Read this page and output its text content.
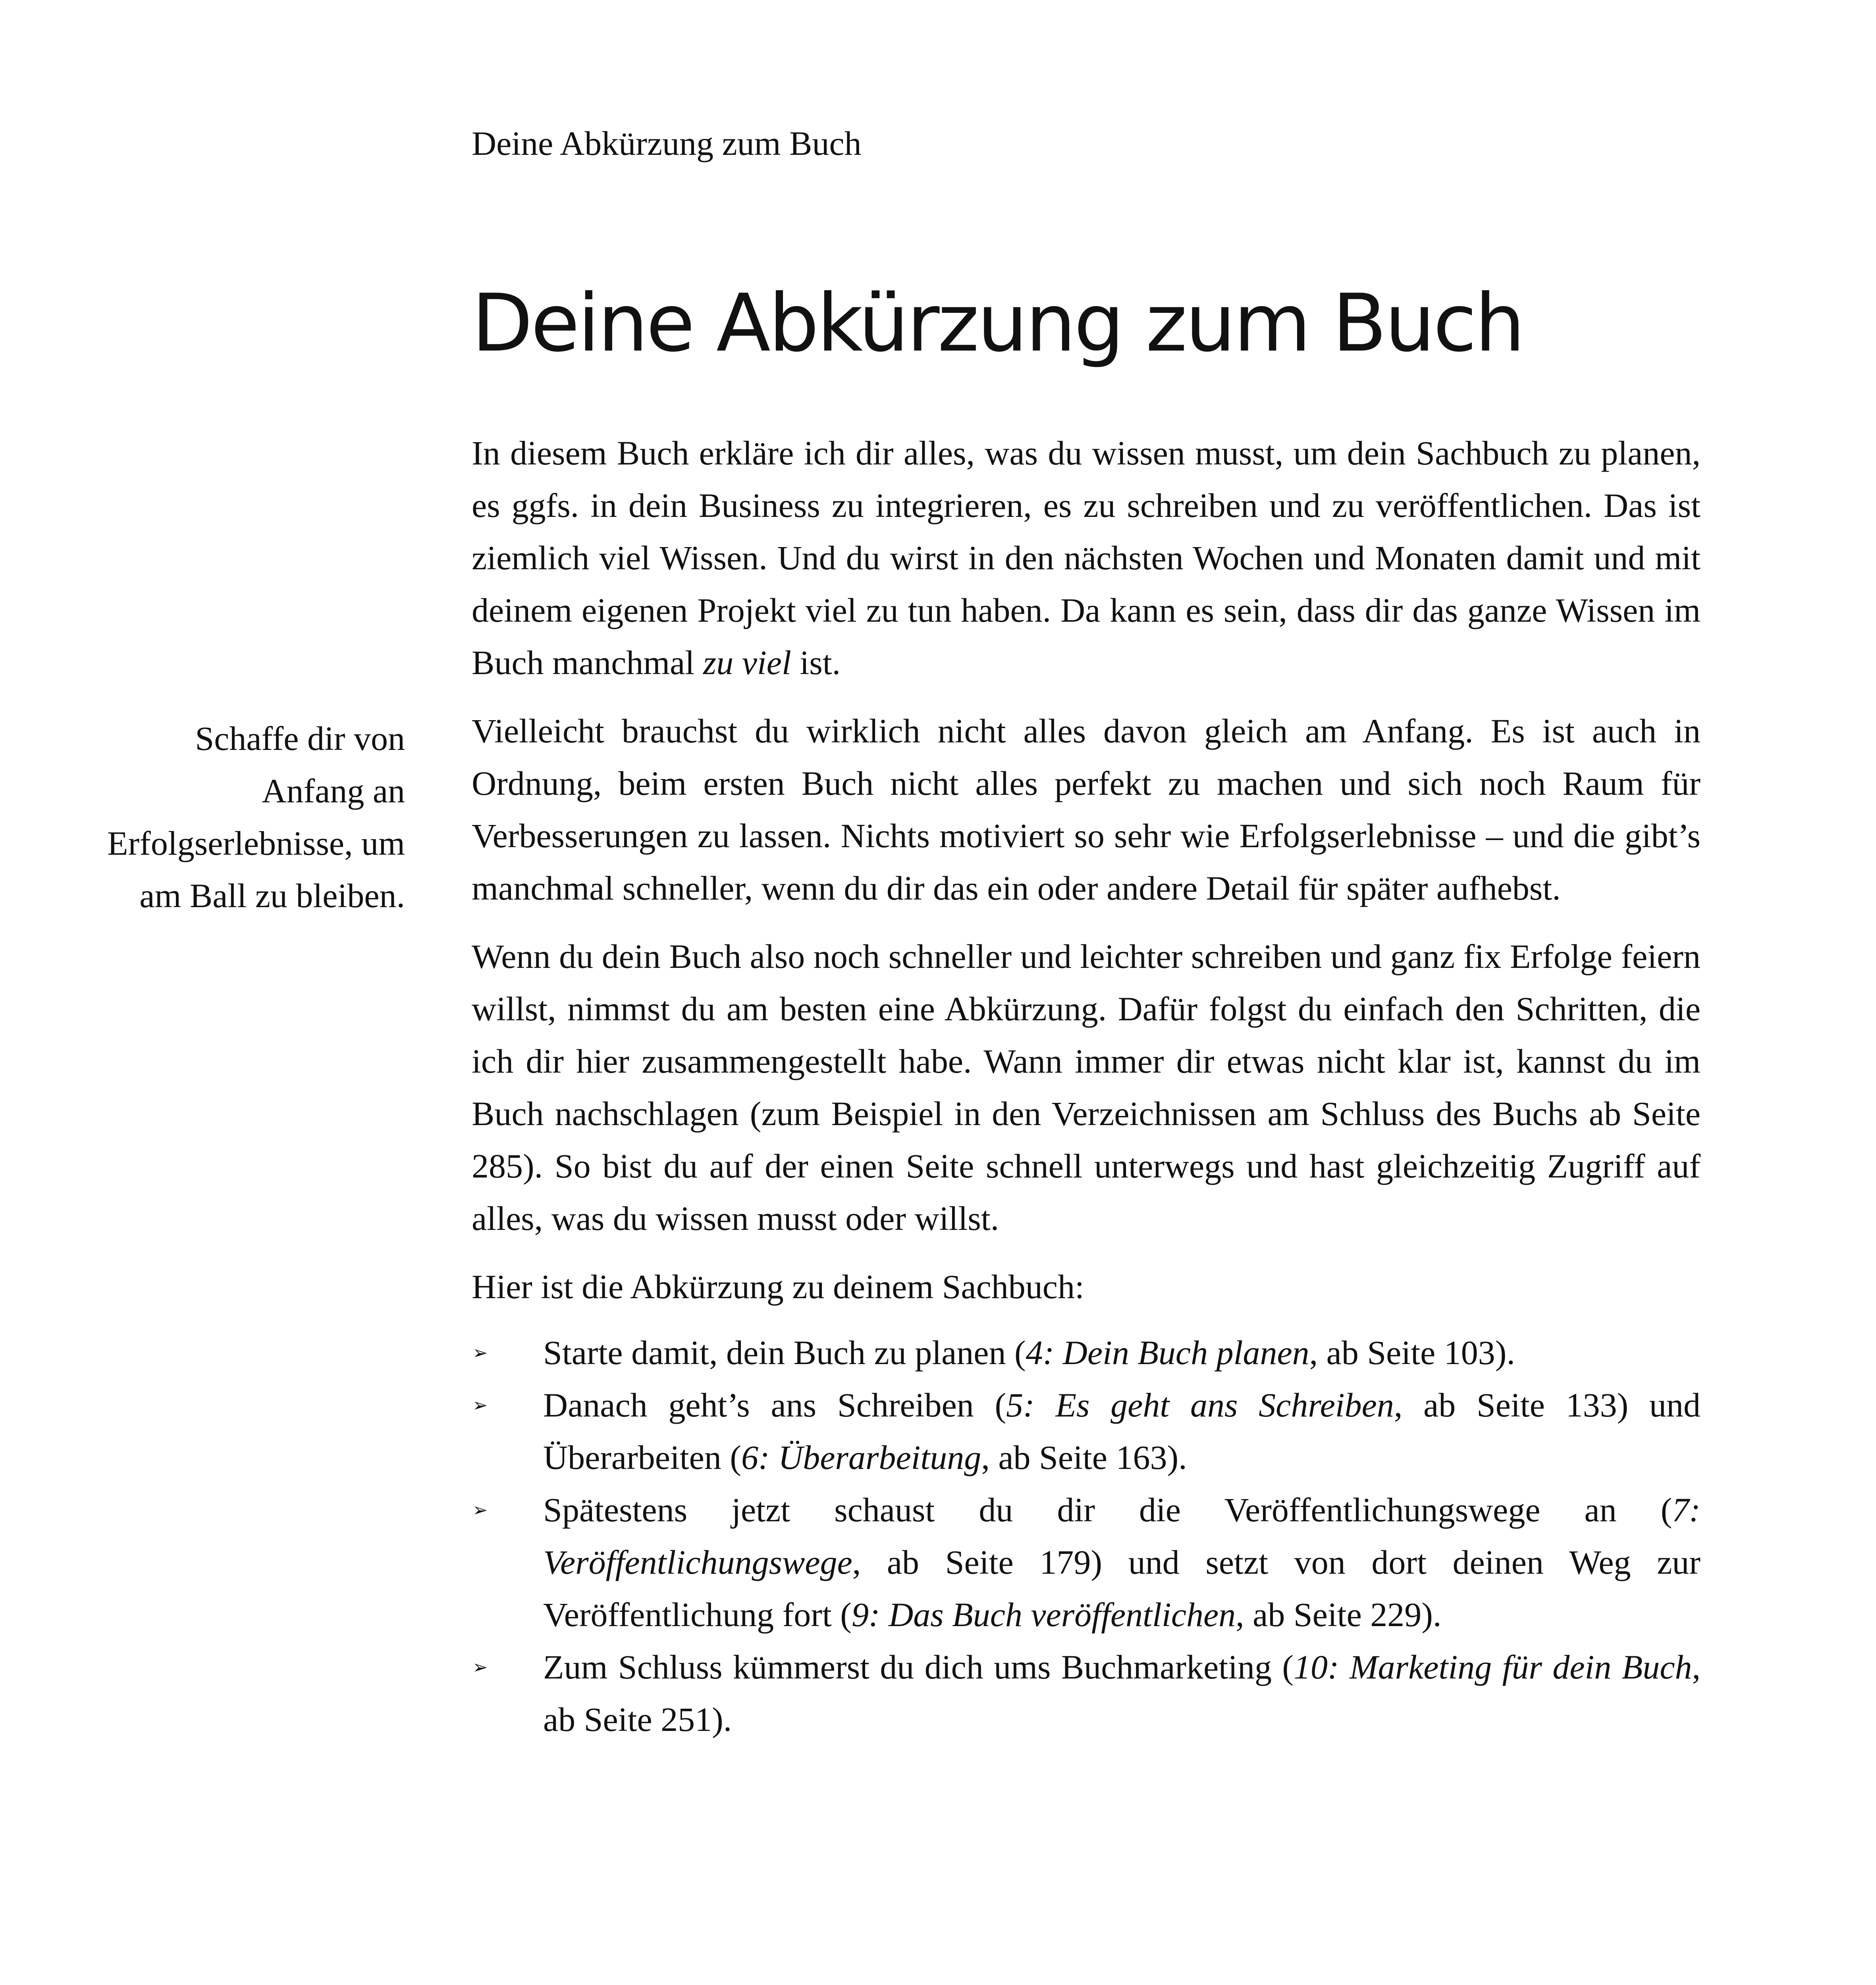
Deine Abkürzung zum Buch
Deine Abkürzung zum Buch
Schaffe dir von Anfang an Erfolgserlebnisse, um am Ball zu bleiben.

In diesem Buch erkläre ich dir alles, was du wissen musst, um dein Sachbuch zu planen, es ggfs. in dein Business zu integrieren, es zu schreiben und zu veröffentlichen. Das ist ziemlich viel Wissen. Und du wirst in den nächsten Wochen und Monaten damit und mit deinem eigenen Projekt viel zu tun haben. Da kann es sein, dass dir das ganze Wissen im Buch manchmal zu viel ist.

Vielleicht brauchst du wirklich nicht alles davon gleich am Anfang. Es ist auch in Ordnung, beim ersten Buch nicht alles perfekt zu machen und sich noch Raum für Verbesserungen zu lassen. Nichts motiviert so sehr wie Erfolgserlebnisse – und die gibt’s manchmal schneller, wenn du dir das ein oder andere Detail für später aufhebst.

Wenn du dein Buch also noch schneller und leichter schreiben und ganz fix Erfolge feiern willst, nimmst du am besten eine Abkürzung. Dafür folgst du einfach den Schritten, die ich dir hier zusammengestellt habe. Wann immer dir etwas nicht klar ist, kannst du im Buch nachschlagen (zum Beispiel in den Verzeichnissen am Schluss des Buchs ab Seite 285). So bist du auf der einen Seite schnell unterwegs und hast gleichzeitig Zugriff auf alles, was du wissen musst oder willst.

Hier ist die Abkürzung zu deinem Sachbuch:

➢ Starte damit, dein Buch zu planen (4: Dein Buch planen, ab Seite 103).
➢ Danach geht’s ans Schreiben (5: Es geht ans Schreiben, ab Seite 133) und Überarbeiten (6: Überarbeitung, ab Seite 163).
➢ Spätestens jetzt schaust du dir die Veröffentlichungswege an (7: Veröffentlichungswege, ab Seite 179) und setzt von dort deinen Weg zur Veröffentlichung fort (9: Das Buch veröffentlichen, ab Seite 229).
➢ Zum Schluss kümmerst du dich ums Buchmarketing (10: Marketing für dein Buch, ab Seite 251).
